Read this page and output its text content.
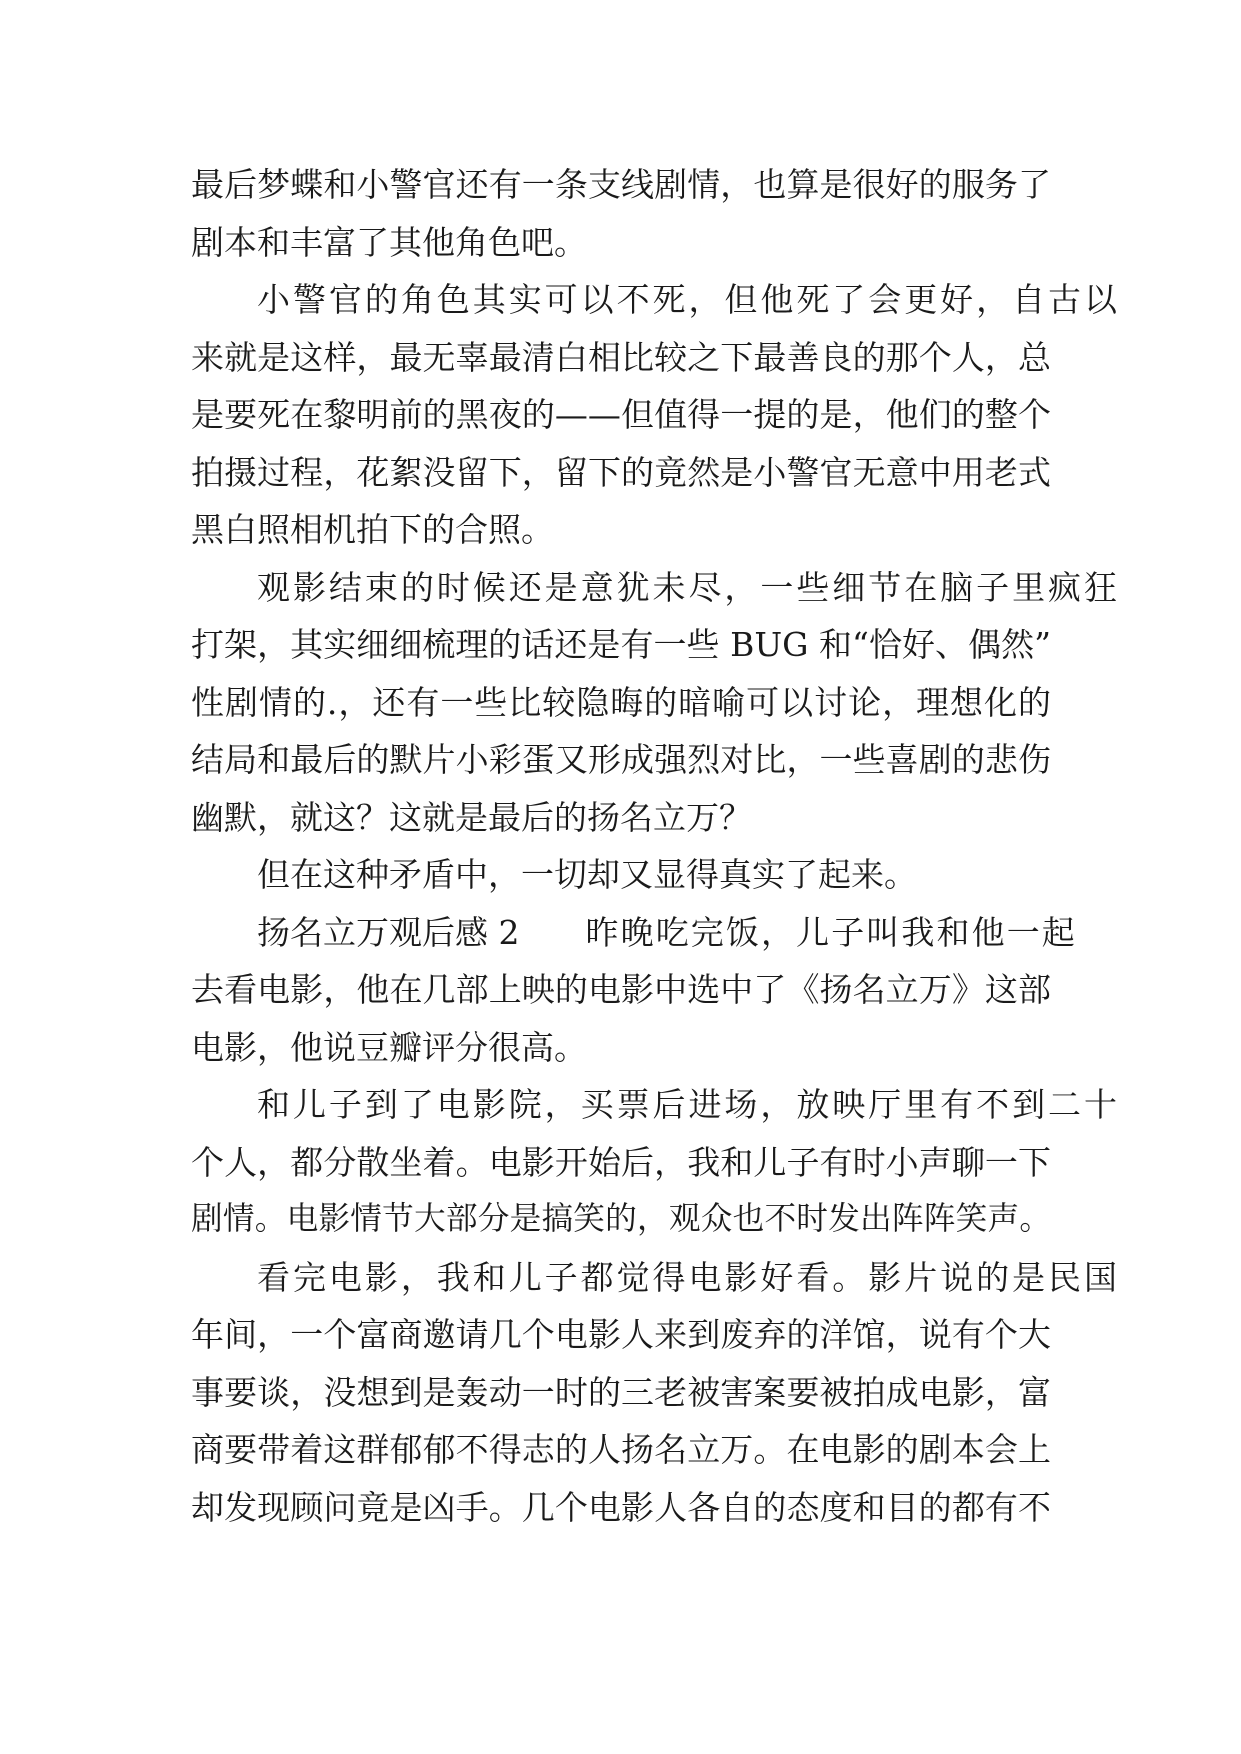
最后梦蝶和小警官还有一条支线剧情，也算是很好的服务了
剧本和丰富了其他角色吧。
小警官的角色其实可以不死，但他死了会更好，自古以
来就是这样，最无辜最清白相比较之下最善良的那个人，总
是要死在黎明前的黑夜的——但值得一提的是，他们的整个
拍摄过程，花絮没留下，留下的竟然是小警官无意中用老式
黑白照相机拍下的合照。
观影结束的时候还是意犹未尽，一些细节在脑子里疯狂
打架，其实细细梳理的话还是有一些 BUG 和“恰好、偶然”
性剧情的.，还有一些比较隐晦的暗喻可以讨论，理想化的
结局和最后的默片小彩蛋又形成强烈对比，一些喜剧的悲伤
幽默，就这？这就是最后的扬名立万？
但在这种矛盾中，一切却又显得真实了起来。
扬名立万观后感 2 昨晚吃完饭，儿子叫我和他一起
去看电影，他在几部上映的电影中选中了《扬名立万》这部
电影，他说豆瓣评分很高。
和儿子到了电影院，买票后进场，放映厅里有不到二十
个人，都分散坐着。电影开始后，我和儿子有时小声聊一下
剧情。电影情节大部分是搞笑的，观众也不时发出阵阵笑声。
看完电影，我和儿子都觉得电影好看。影片说的是民国
年间，一个富商邀请几个电影人来到废弃的洋馆，说有个大
事要谈，没想到是轰动一时的三老被害案要被拍成电影，富
商要带着这群郁郁不得志的人扬名立万。在电影的剧本会上
却发现顾问竟是凶手。几个电影人各自的态度和目的都有不
